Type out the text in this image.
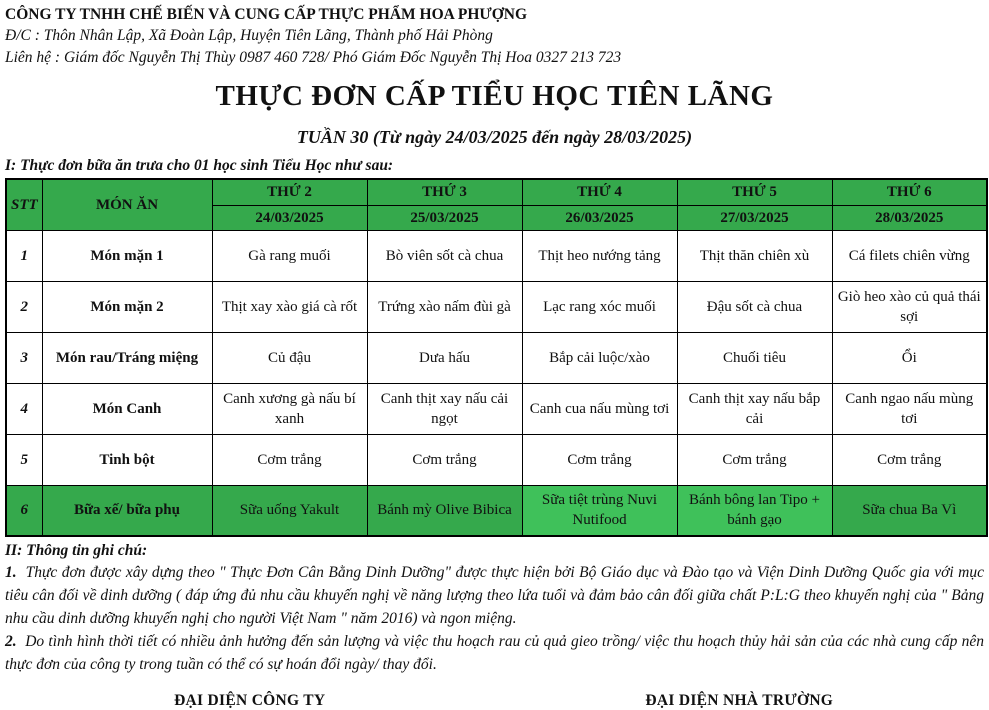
CÔNG TY TNHH CHẾ BIẾN VÀ CUNG CẤP THỰC PHẨM HOA PHƯỢNG
Đ/C : Thôn Nhân Lập, Xã Đoàn Lập, Huyện Tiên Lãng, Thành phố Hải Phòng
Liên hệ : Giám đốc Nguyễn Thị Thùy 0987 460 728/ Phó Giám Đốc Nguyễn Thị Hoa 0327 213 723
THỰC ĐƠN CẤP TIỂU HỌC TIÊN LÃNG
TUẦN 30 (Từ ngày 24/03/2025 đến ngày 28/03/2025)
I: Thực đơn bữa ăn trưa cho 01 học sinh Tiểu Học như sau:
STT	MÓN ĂN	THỨ 2	THỨ 3	THỨ 4	THỨ 5	THỨ 6
		24/03/2025	25/03/2025	26/03/2025	27/03/2025	28/03/2025
1	Món mặn 1	Gà rang muối	Bò viên sốt cà chua	Thịt heo nướng tảng	Thịt thăn chiên xù	Cá filets chiên vừng
2	Món mặn 2	Thịt xay xào giá cà rốt	Trứng xào nấm đùi gà	Lạc rang xóc muối	Đậu sốt cà chua	Giò heo xào củ quả thái sợi
3	Món rau/Tráng miệng	Củ đậu	Dưa hấu	Bắp cải luộc/xào	Chuối tiêu	Ổi
4	Món Canh	Canh xương gà nấu bí xanh	Canh thịt xay nấu cải ngọt	Canh cua nấu mùng tơi	Canh thịt xay nấu bắp cải	Canh ngao nấu mùng tơi
5	Tinh bột	Cơm trắng	Cơm trắng	Cơm trắng	Cơm trắng	Cơm trắng
6	Bữa xế/ bữa phụ	Sữa uống Yakult	Bánh mỳ Olive Bibica	Sữa tiệt trùng Nuvi Nutifood	Bánh bông lan Tipo + bánh gạo	Sữa chua Ba Vì
II: Thông tin ghi chú:
1. Thực đơn được xây dựng theo " Thực Đơn Cân Bằng Dinh Dưỡng" được thực hiện bởi Bộ Giáo dục và Đào tạo và Viện Dinh Dưỡng Quốc gia với mục tiêu cân đối về dinh dưỡng ( đáp ứng đủ nhu cầu khuyến nghị về năng lượng theo lứa tuổi và đảm bảo cân đối giữa chất P:L:G theo khuyến nghị của " Bảng nhu cầu dinh dưỡng khuyến nghị cho người Việt Nam " năm 2016) và ngon miệng.
2. Do tình hình thời tiết có nhiều ảnh hưởng đến sản lượng và việc thu hoạch rau củ quả gieo trồng/ việc thu hoạch thủy hải sản của các nhà cung cấp nên thực đơn của công ty trong tuần có thể có sự hoán đổi ngày/ thay đổi.
ĐẠI DIỆN CÔNG TY	ĐẠI DIỆN NHÀ TRƯỜNG
